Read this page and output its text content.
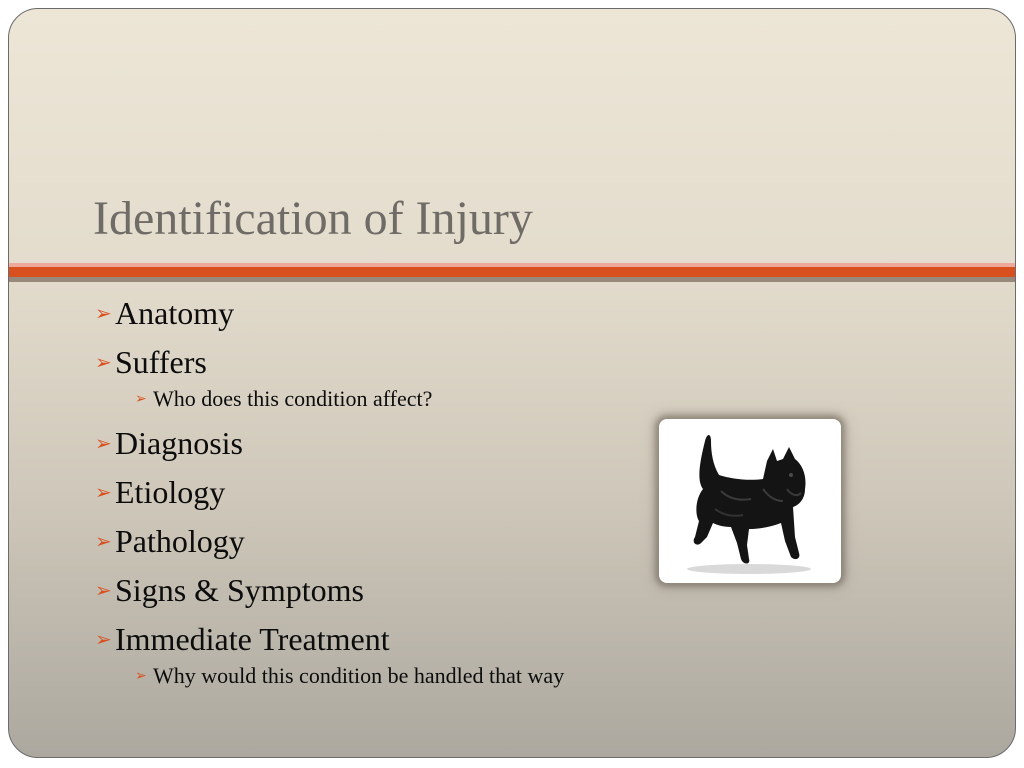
Identification of Injury
➢ Anatomy
➢ Suffers
➢ Who does this condition affect?
➢ Diagnosis
➢ Etiology
➢ Pathology
➢ Signs & Symptoms
➢ Immediate Treatment
➢ Why would this condition be handled that way
